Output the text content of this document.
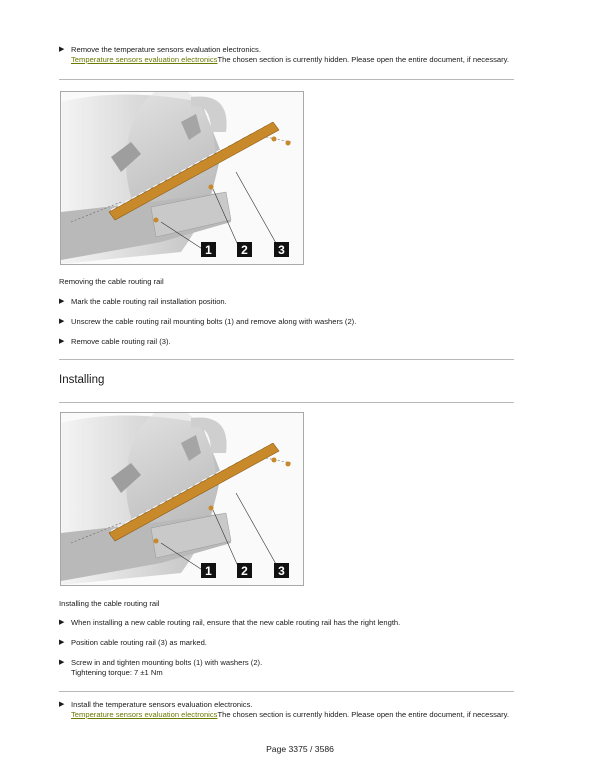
▶ Remove the temperature sensors evaluation electronics.
Temperature sensors evaluation electronicsThe chosen section is currently hidden. Please open the entire document, if necessary.
1 2	3
Removing the cable routing rail
▶ Mark the cable routing rail installation position.
▶ Unscrew the cable routing rail mounting bolts (1) and remove along with washers (2).
▶ Remove cable routing rail (3).
Installing
1 2	3
Installing the cable routing rail
▶ When installing a new cable routing rail, ensure that the new cable routing rail has the right length.
▶ Position cable routing rail (3) as marked.
▶ Screw in and tighten mounting bolts (1) with washers (2).
Tightening torque: 7 ±1 Nm
▶ Install the temperature sensors evaluation electronics.
Temperature sensors evaluation electronicsThe chosen section is currently hidden. Please open the entire document, if necessary.
Page 3375 / 3586
